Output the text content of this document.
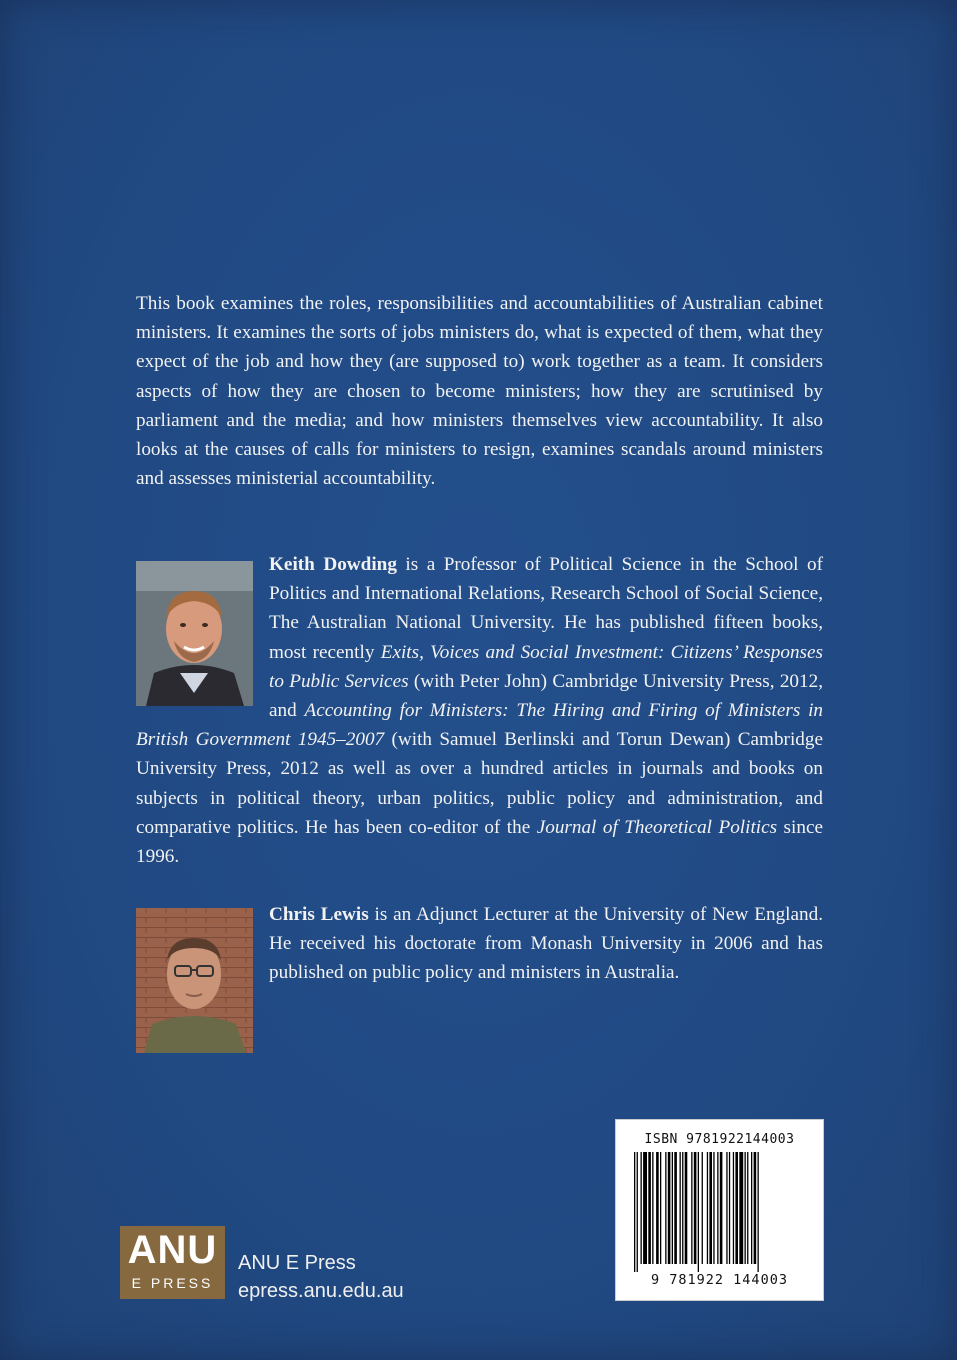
This book examines the roles, responsibilities and accountabilities of Australian cabinet ministers. It examines the sorts of jobs ministers do, what is expected of them, what they expect of the job and how they (are supposed to) work together as a team. It considers aspects of how they are chosen to become ministers; how they are scrutinised by parliament and the media; and how ministers themselves view accountability. It also looks at the causes of calls for ministers to resign, examines scandals around ministers and assesses ministerial accountability.

Keith Dowding is a Professor of Political Science in the School of Politics and International Relations, Research School of Social Science, The Australian National University. He has published fifteen books, most recently Exits, Voices and Social Investment: Citizens’ Responses to Public Services (with Peter John) Cambridge University Press, 2012, and Accounting for Ministers: The Hiring and Firing of Ministers in British Government 1945–2007 (with Samuel Berlinski and Torun Dewan) Cambridge University Press, 2012 as well as over a hundred articles in journals and books on subjects in political theory, urban politics, public policy and administration, and comparative politics. He has been co-editor of the Journal of Theoretical Politics since 1996.

Chris Lewis is an Adjunct Lecturer at the University of New England. He received his doctorate from Monash University in 2006 and has published on public policy and ministers in Australia.

ISBN 9781922144003
9 781922 144003
ANU
E PRESS
ANU E Press
epress.anu.edu.au
